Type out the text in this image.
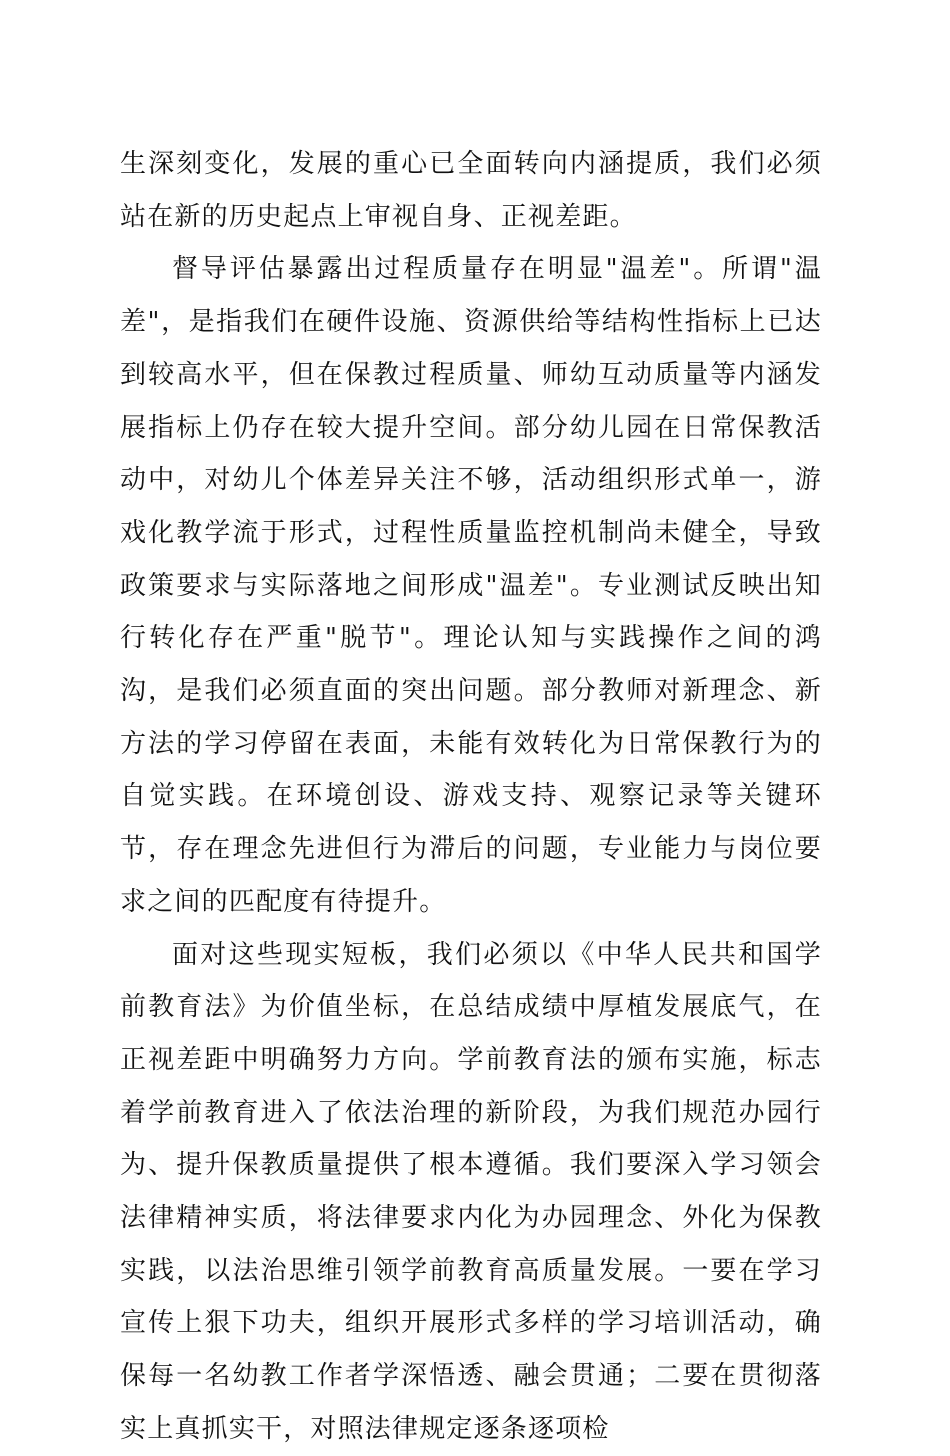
生深刻变化，发展的重心已全面转向内涵提质，我们必须站在新的历史起点上审视自身、正视差距。

督导评估暴露出过程质量存在明显"温差"。所谓"温差"，是指我们在硬件设施、资源供给等结构性指标上已达到较高水平，但在保教过程质量、师幼互动质量等内涵发展指标上仍存在较大提升空间。部分幼儿园在日常保教活动中，对幼儿个体差异关注不够，活动组织形式单一，游戏化教学流于形式，过程性质量监控机制尚未健全，导致政策要求与实际落地之间形成"温差"。专业测试反映出知行转化存在严重"脱节"。理论认知与实践操作之间的鸿沟，是我们必须直面的突出问题。部分教师对新理念、新方法的学习停留在表面，未能有效转化为日常保教行为的自觉实践。在环境创设、游戏支持、观察记录等关键环节，存在理念先进但行为滞后的问题，专业能力与岗位要求之间的匹配度有待提升。

面对这些现实短板，我们必须以《中华人民共和国学前教育法》为价值坐标，在总结成绩中厚植发展底气，在正视差距中明确努力方向。学前教育法的颁布实施，标志着学前教育进入了依法治理的新阶段，为我们规范办园行为、提升保教质量提供了根本遵循。我们要深入学习领会法律精神实质，将法律要求内化为办园理念、外化为保教实践，以法治思维引领学前教育高质量发展。一要在学习宣传上狠下功夫，组织开展形式多样的学习培训活动，确保每一名幼教工作者学深悟透、融会贯通；二要在贯彻落实上真抓实干，对照法律规定逐条逐项检
